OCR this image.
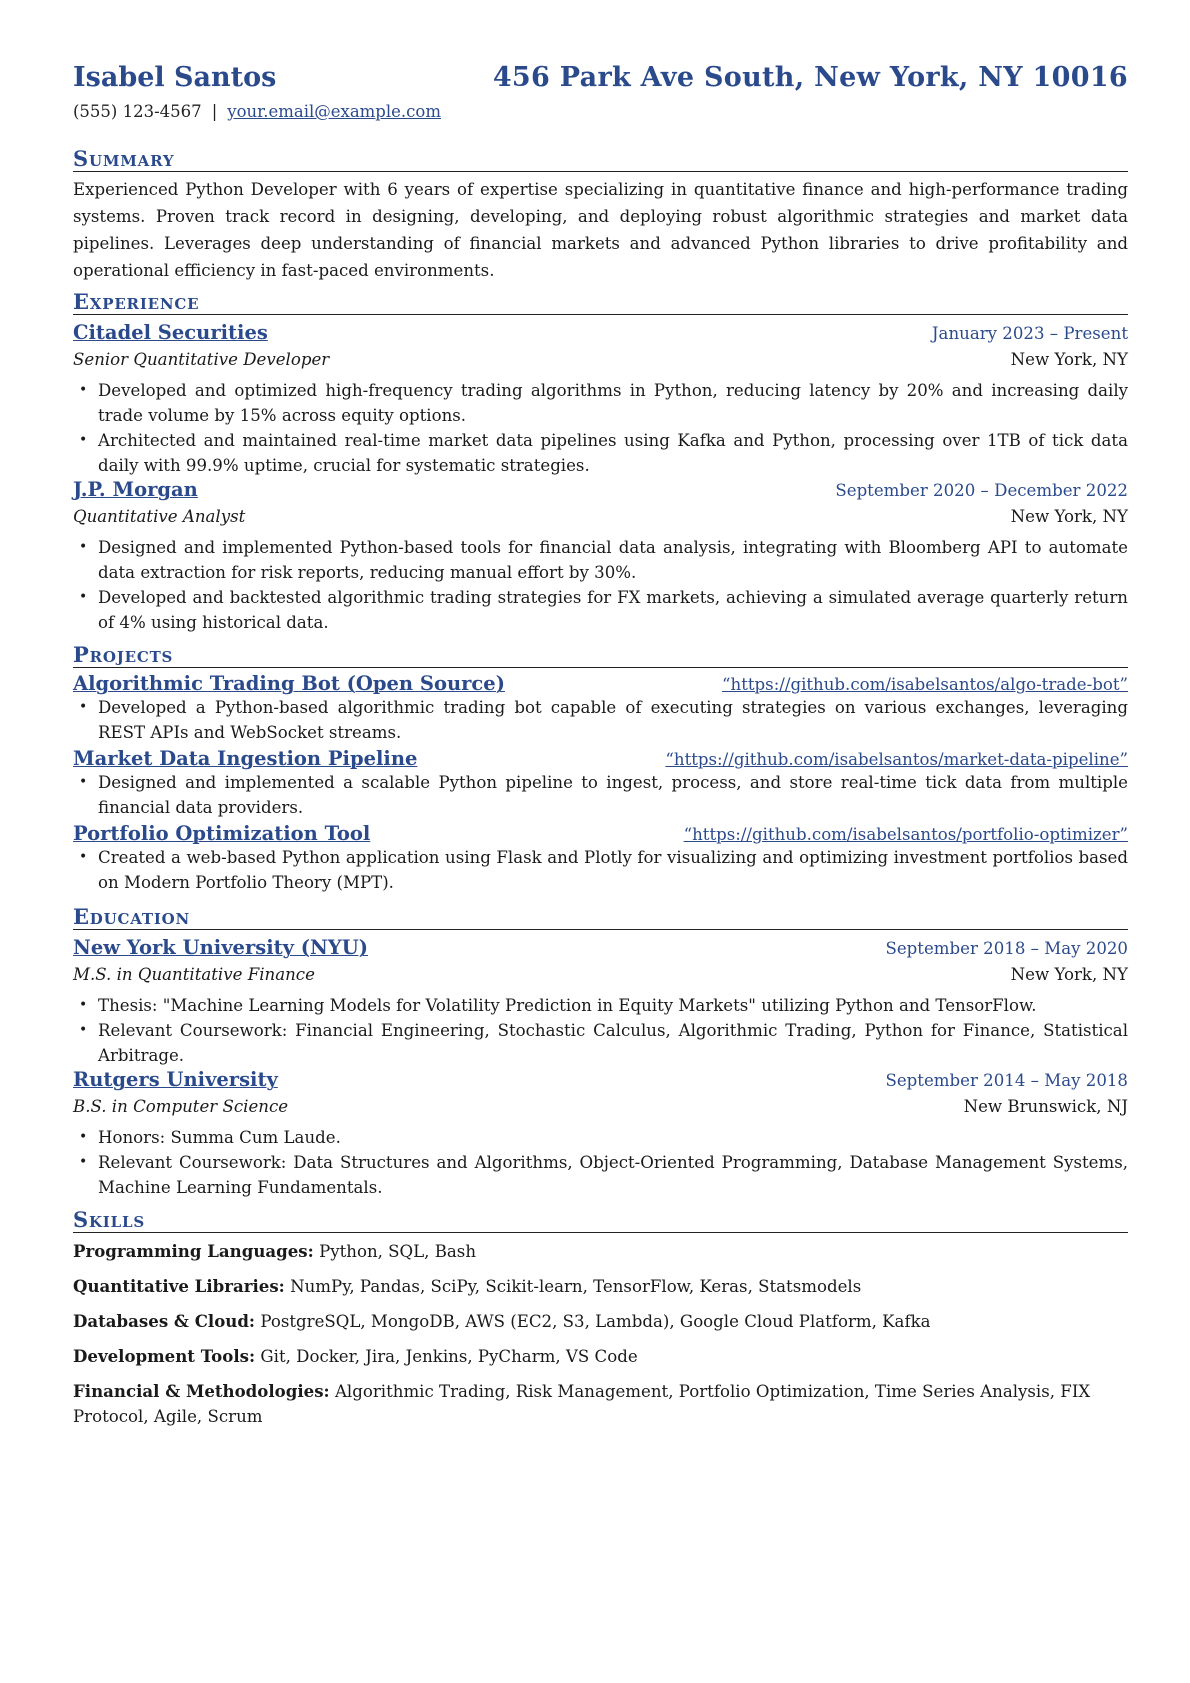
Isabel Santos	456 Park Ave South, New York, NY 10016
(555) 123-4567 | your.email@example.com
Summary
Experienced Python Developer with 6 years of expertise specializing in quantitative finance and high-performance trading systems. Proven track record in designing, developing, and deploying robust algorithmic strategies and market data pipelines. Leverages deep understanding of financial markets and advanced Python libraries to drive profitability and operational efficiency in fast-paced environments.
Experience
Citadel Securities	January 2023 – Present
Senior Quantitative Developer	New York, NY
• Developed and optimized high-frequency trading algorithms in Python, reducing latency by 20% and increasing daily trade volume by 15% across equity options.
• Architected and maintained real-time market data pipelines using Kafka and Python, processing over 1TB of tick data daily with 99.9% uptime, crucial for systematic strategies.
J.P. Morgan	September 2020 – December 2022
Quantitative Analyst	New York, NY
• Designed and implemented Python-based tools for financial data analysis, integrating with Bloomberg API to automate data extraction for risk reports, reducing manual effort by 30%.
• Developed and backtested algorithmic trading strategies for FX markets, achieving a simulated average quarterly return of 4% using historical data.
Projects
Algorithmic Trading Bot (Open Source)	“https://github.com/isabelsantos/algo-trade-bot”
• Developed a Python-based algorithmic trading bot capable of executing strategies on various exchanges, leveraging REST APIs and WebSocket streams.
Market Data Ingestion Pipeline	“https://github.com/isabelsantos/market-data-pipeline”
• Designed and implemented a scalable Python pipeline to ingest, process, and store real-time tick data from multiple financial data providers.
Portfolio Optimization Tool	“https://github.com/isabelsantos/portfolio-optimizer”
• Created a web-based Python application using Flask and Plotly for visualizing and optimizing investment portfolios based on Modern Portfolio Theory (MPT).
Education
New York University (NYU)	September 2018 – May 2020
M.S. in Quantitative Finance	New York, NY
• Thesis: "Machine Learning Models for Volatility Prediction in Equity Markets" utilizing Python and TensorFlow.
• Relevant Coursework: Financial Engineering, Stochastic Calculus, Algorithmic Trading, Python for Finance, Statistical Arbitrage.
Rutgers University	September 2014 – May 2018
B.S. in Computer Science	New Brunswick, NJ
• Honors: Summa Cum Laude.
• Relevant Coursework: Data Structures and Algorithms, Object-Oriented Programming, Database Management Systems, Machine Learning Fundamentals.
Skills
Programming Languages: Python, SQL, Bash
Quantitative Libraries: NumPy, Pandas, SciPy, Scikit-learn, TensorFlow, Keras, Statsmodels
Databases & Cloud: PostgreSQL, MongoDB, AWS (EC2, S3, Lambda), Google Cloud Platform, Kafka
Development Tools: Git, Docker, Jira, Jenkins, PyCharm, VS Code
Financial & Methodologies: Algorithmic Trading, Risk Management, Portfolio Optimization, Time Series Analysis, FIX Protocol, Agile, Scrum
